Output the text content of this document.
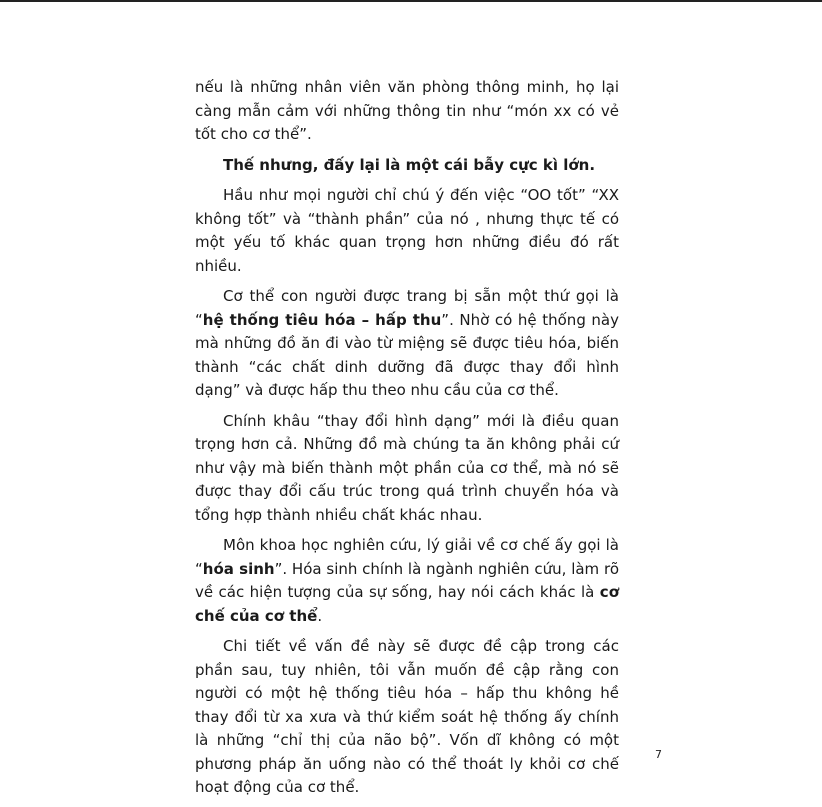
nếu là những nhân viên văn phòng thông minh, họ lại càng mẫn cảm với những thông tin như “món xx có vẻ tốt cho cơ thể”.

Thế nhưng, đấy lại là một cái bẫy cực kì lớn.

Hầu như mọi người chỉ chú ý đến việc “OO tốt” “XX không tốt” và “thành phần” của nó , nhưng thực tế có một yếu tố khác quan trọng hơn những điều đó rất nhiều.

Cơ thể con người được trang bị sẵn một thứ gọi là “hệ thống tiêu hóa – hấp thu”. Nhờ có hệ thống này mà những đồ ăn đi vào từ miệng sẽ được tiêu hóa, biến thành “các chất dinh dưỡng đã được thay đổi hình dạng” và được hấp thu theo nhu cầu của cơ thể.

Chính khâu “thay đổi hình dạng” mới là điều quan trọng hơn cả. Những đồ mà chúng ta ăn không phải cứ như vậy mà biến thành một phần của cơ thể, mà nó sẽ được thay đổi cấu trúc trong quá trình chuyển hóa và tổng hợp thành nhiều chất khác nhau.

Môn khoa học nghiên cứu, lý giải về cơ chế ấy gọi là “hóa sinh”. Hóa sinh chính là ngành nghiên cứu, làm rõ về các hiện tượng của sự sống, hay nói cách khác là cơ chế của cơ thể.

Chi tiết về vấn đề này sẽ được đề cập trong các phần sau, tuy nhiên, tôi vẫn muốn đề cập rằng con người có một hệ thống tiêu hóa – hấp thu không hề thay đổi từ xa xưa và thứ kiểm soát hệ thống ấy chính là những “chỉ thị của não bộ”. Vốn dĩ không có một phương pháp ăn uống nào có thể thoát ly khỏi cơ chế hoạt động của cơ thể.

7
